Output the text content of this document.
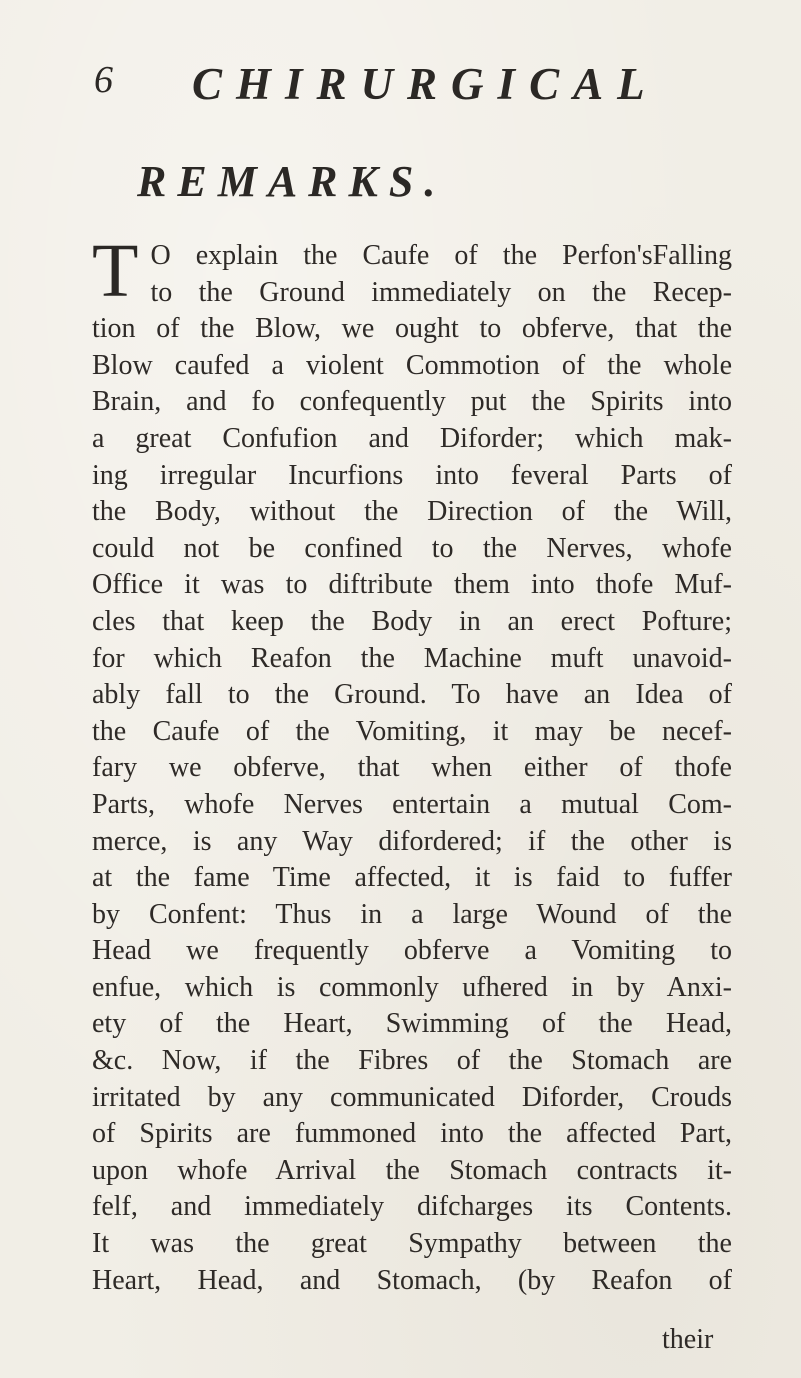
6 CHIRURGICAL
REMARKS.
T O explain the Caufe of the Perfon'sFalling
to the Ground immediately on the Recep-
tion of the Blow, we ought to obferve, that the
Blow caufed a violent Commotion of the whole
Brain, and fo confequently put the Spirits into
a great Confufion and Diforder; which mak-
ing irregular Incurfions into feveral Parts of
the Body, without the Direction of the Will,
could not be confined to the Nerves, whofe
Office it was to diftribute them into thofe Muf-
cles that keep the Body in an erect Pofture;
for which Reafon the Machine muft unavoid-
ably fall to the Ground. To have an Idea of
the Caufe of the Vomiting, it may be necef-
fary we obferve, that when either of thofe
Parts, whofe Nerves entertain a mutual Com-
merce, is any Way difordered; if the other is
at the fame Time affected, it is faid to fuffer
by Confent: Thus in a large Wound of the
Head we frequently obferve a Vomiting to
enfue, which is commonly ufhered in by Anxi-
ety of the Heart, Swimming of the Head,
&c. Now, if the Fibres of the Stomach are
irritated by any communicated Diforder, Crouds
of Spirits are fummoned into the affected Part,
upon whofe Arrival the Stomach contracts it-
felf, and immediately difcharges its Contents.
It was the great Sympathy between the
Heart, Head, and Stomach, (by Reafon of
their
